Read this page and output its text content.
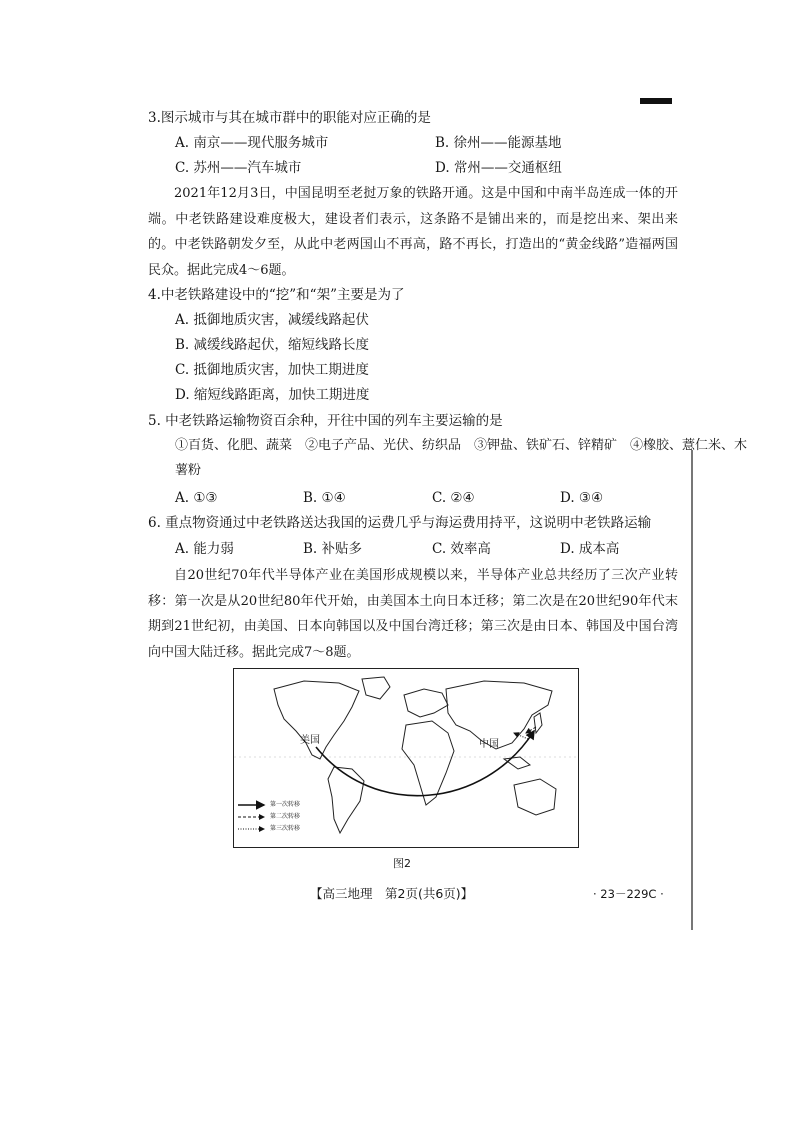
3.图示城市与其在城市群中的职能对应正确的是
A. 南京——现代服务城市	B. 徐州——能源基地
C. 苏州——汽车城市	D. 常州——交通枢纽
2021年12月3日，中国昆明至老挝万象的铁路开通。这是中国和中南半岛连成一体的开端。中老铁路建设难度极大，建设者们表示，这条路不是铺出来的，而是挖出来、架出来的。中老铁路朝发夕至，从此中老两国山不再高，路不再长，打造出的“黄金线路”造福两国民众。据此完成4～6题。
4.中老铁路建设中的“挖”和“架”主要是为了
A. 抵御地质灾害，减缓线路起伏
B. 减缓线路起伏，缩短线路长度
C. 抵御地质灾害，加快工期进度
D. 缩短线路距离，加快工期进度
5. 中老铁路运输物资百余种，开往中国的列车主要运输的是
①百货、化肥、蔬菜　②电子产品、光伏、纺织品　③钾盐、铁矿石、锌精矿　④橡胶、薏仁米、木
薯粉
A. ①③	B. ①④	C. ②④	D. ③④
6. 重点物资通过中老铁路送达我国的运费几乎与海运费用持平，这说明中老铁路运输
A. 能力弱	B. 补贴多	C. 效率高	D. 成本高
自20世纪70年代半导体产业在美国形成规模以来，半导体产业总共经历了三次产业转移：第一次是从20世纪80年代开始，由美国本土向日本迁移；第二次是在20世纪90年代末期到21世纪初，由美国、日本向韩国以及中国台湾迁移；第三次是由日本、韩国及中国台湾向中国大陆迁移。据此完成7～8题。
美国	中国
第一次转移
第二次转移
第三次转移
图2
【高三地理　第2页(共6页)】	· 23－229C ·
